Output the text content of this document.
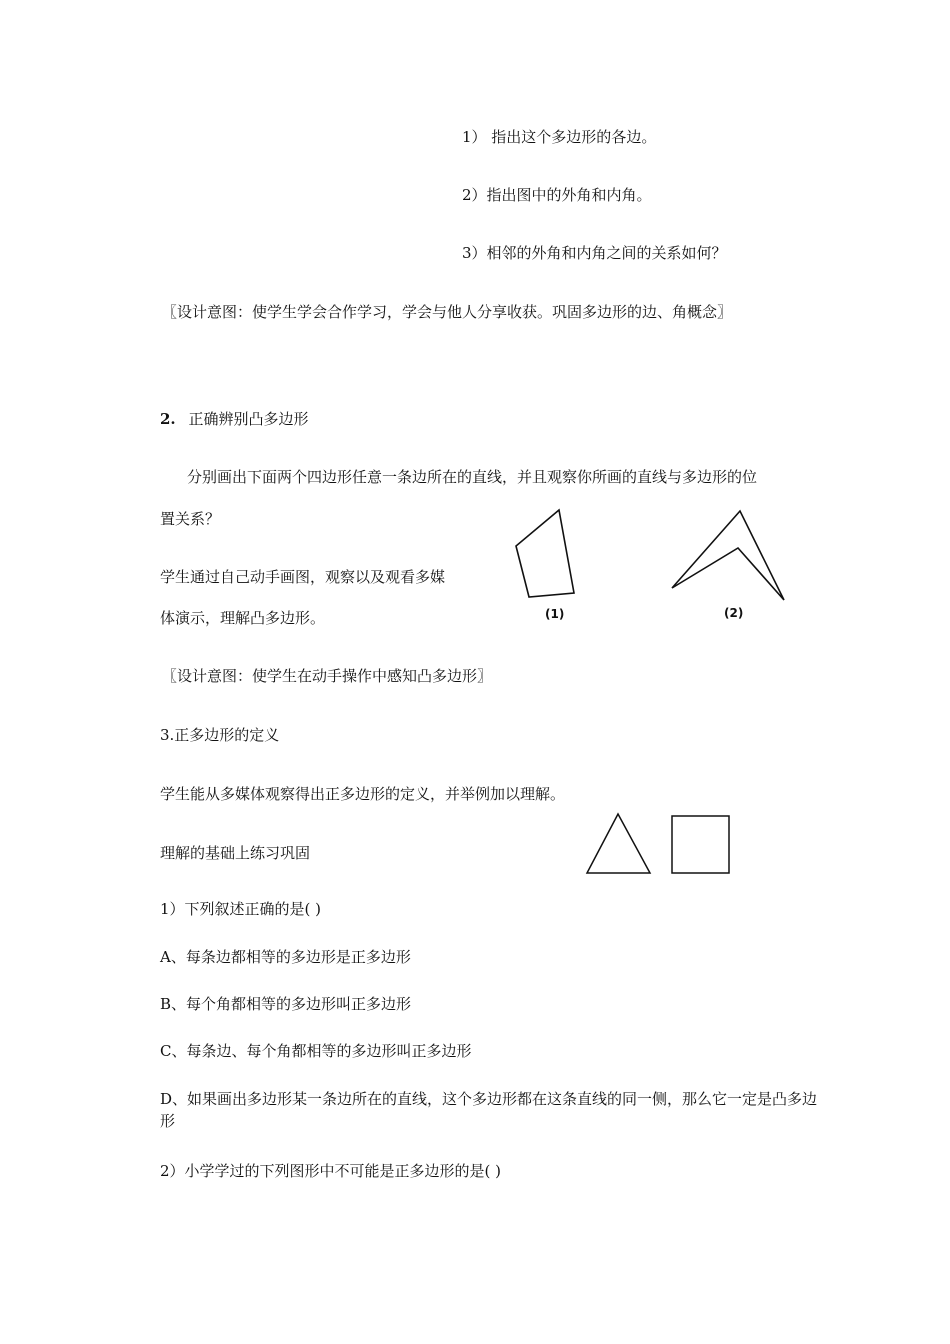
1） 指出这个多边形的各边。
2）指出图中的外角和内角。
3）相邻的外角和内角之间的关系如何？
〖设计意图：使学生学会合作学习，学会与他人分享收获。巩固多边形的边、角概念〗
2. 正确辨别凸多边形
分别画出下面两个四边形任意一条边所在的直线，并且观察你所画的直线与多边形的位
置关系？
学生通过自己动手画图，观察以及观看多媒
体演示，理解凸多边形。	(1)	(2)
〖设计意图：使学生在动手操作中感知凸多边形〗
3.正多边形的定义
学生能从多媒体观察得出正多边形的定义，并举例加以理解。
理解的基础上练习巩固
1）下列叙述正确的是( )
A、每条边都相等的多边形是正多边形
B、每个角都相等的多边形叫正多边形
C、每条边、每个角都相等的多边形叫正多边形
D、如果画出多边形某一条边所在的直线，这个多边形都在这条直线的同一侧，那么它一定是凸多边形
2）小学学过的下列图形中不可能是正多边形的是( )
